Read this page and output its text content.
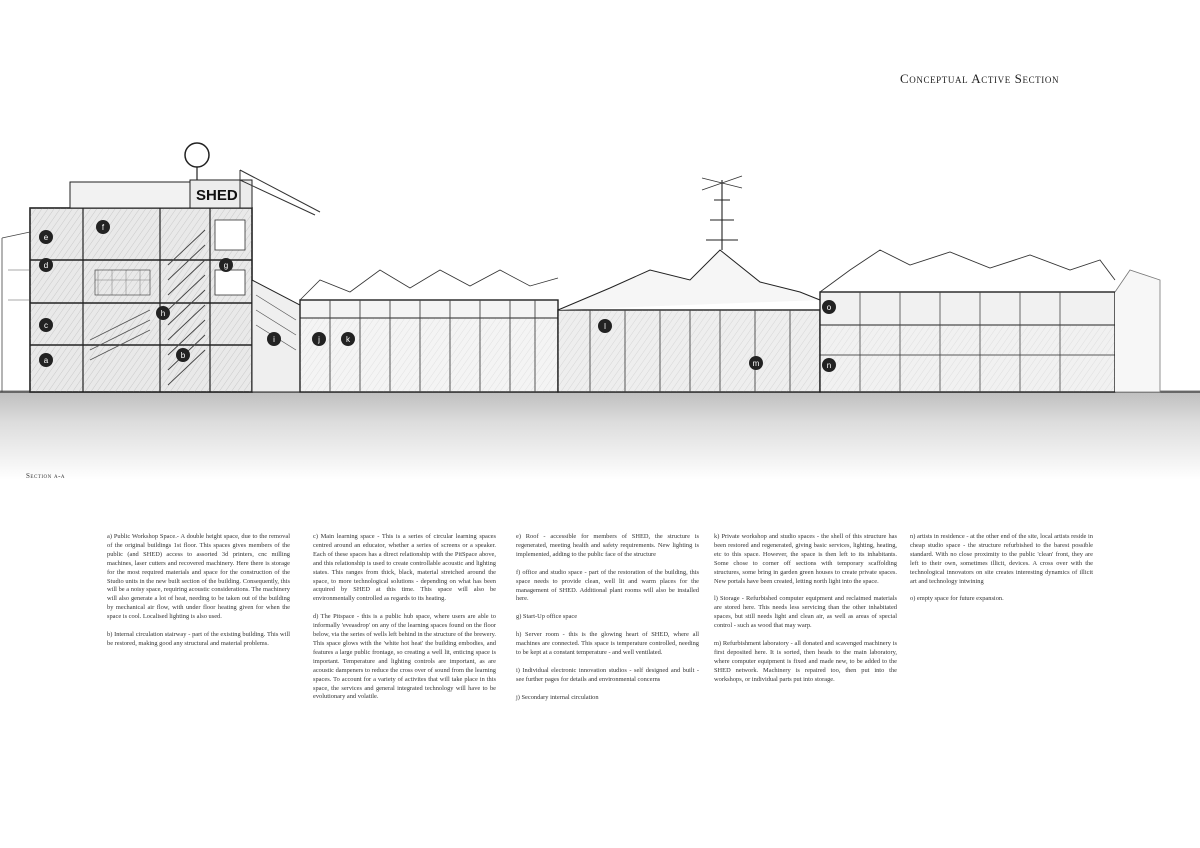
Conceptual Active Section
SHED
a
b
c
d
e
f
g
h
i	j	k
l
m	n
o
Section a-a

a) Public Workshop Space.- A double height space, due to the removal of the original buildings 1st floor. This spaces gives members of the public (and SHED) access to assorted 3d printers, cnc milling machines, laser cutters and recovered machinery. Here there is storage for the most required materials and space for the construction of the Studio units in the new built section of the building. Consequently, this will be a noisy space, requiring acoustic considerations. The machinery will also generate a lot of heat, needing to be taken out of the building by mechanical air flow, with under floor heating given for when the space is cool. Localised lighting is also used.

b) Internal circulation stairway - part of the existing building. This will be restored, making good any structural and material problems.

c) Main learning space - This is a series of circular learning spaces centred around an educator, whether a series of screens or a speaker. Each of these spaces has a direct relationship with the PitSpace above, and this relationship is used to create controllable acoustic and lighting states. This ranges from thick, black, material stretched around the space, to more technological solutions - depending on what has been acquired by SHED at this time. This space will also be environmentally controlled as regards to its heating.

d) The Pitspace - this is a public hub space, where users are able to informally 'eveasdrop' on any of the learning spaces found on the floor below, via the series of wells left behind in the structure of the brewery. This space glows with the 'white hot heat' the building embodies, and features a large public frontage, so creating a well lit, enticing space is important. Temperature and lighting controls are important, as are acoustic dampeners to reduce the cross over of sound from the learning spaces. To account for a variety of activites that will take place in this space, the services and general integrated technology will have to be evolutionary and volatile.

e) Roof - accessible for members of SHED, the structure is regenerated, meeting health and safety requirements. New lighting is implemented, adding to the public face of the structure

f) office and studio space - part of the restoration of the building, this space needs to provide clean, well lit and warm places for the management of SHED. Additional plant rooms will also be installed here.

g) Start-Up office space

h) Server room - this is the glowing heart of SHED, where all machines are connected. This space is temperature controlled, needing to be kept at a constant temperature - and well ventilated.

i) Individual electronic innovation studios - self designed and built - see further pages for details and environmental concerns

j) Secondary internal circulation

k) Private workshop and studio spaces - the shell of this structure has been restored and regenerated, giving basic services, lighting, heating, etc to this space. However, the space is then left to its inhabitants. Some chose to corner off sections with temporary scaffolding structures, some bring in garden green houses to create private spaces. New portals have been created, letting north light into the space.

l) Storage - Refurbished computer equipment and reclaimed materials are stored here. This needs less servicing than the other inhabitated spaces, but still needs light and clean air, as well as areas of special control - such as wood that may warp.

m) Refurbishment laboratory - all donated and scavenged machinery is first deposited here. It is sorted, then heads to the main laboratory, where computer equipment is fixed and made new, to be added to the SHED network. Machinery is repaired too, then put into the workshops, or individual parts put into storage.

n) artists in residence - at the other end of the site, local artists reside in cheap studio space - the structure refurbished to the barest possible standard. With no close proximity to the public 'clean' front, they are left to their own, sometimes illicit, devices. A cross over with the technological innovators on site creates interesting dynamics of illicit art and technology intwining

o) empty space for future expansion.
